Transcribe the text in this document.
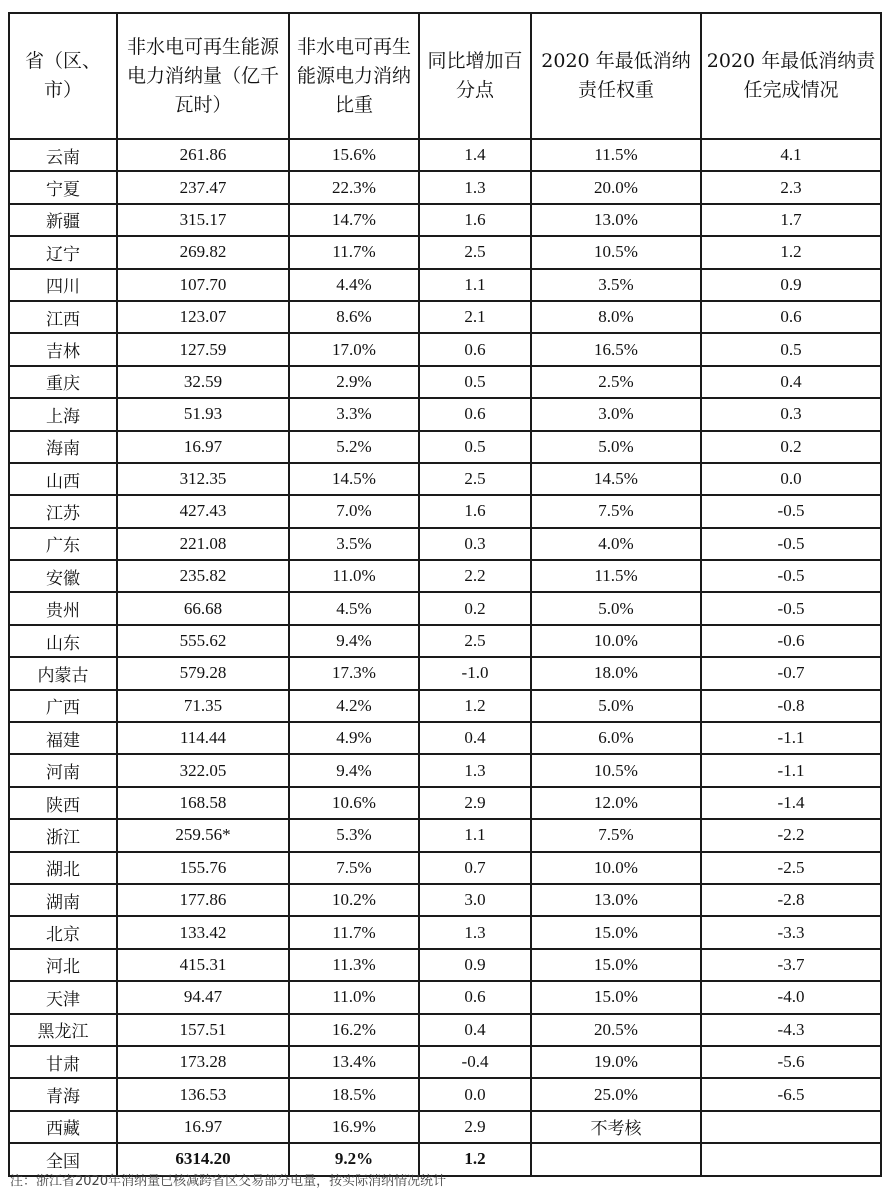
省（区、市）	非水电可再生能源电力消纳量（亿千瓦时）	非水电可再生能源电力消纳比重	同比增加百分点	2020 年最低消纳责任权重	2020 年最低消纳责任完成情况
云南	261.86	15.6%	1.4	11.5%	4.1
宁夏	237.47	22.3%	1.3	20.0%	2.3
新疆	315.17	14.7%	1.6	13.0%	1.7
辽宁	269.82	11.7%	2.5	10.5%	1.2
四川	107.70	4.4%	1.1	3.5%	0.9
江西	123.07	8.6%	2.1	8.0%	0.6
吉林	127.59	17.0%	0.6	16.5%	0.5
重庆	32.59	2.9%	0.5	2.5%	0.4
上海	51.93	3.3%	0.6	3.0%	0.3
海南	16.97	5.2%	0.5	5.0%	0.2
山西	312.35	14.5%	2.5	14.5%	0.0
江苏	427.43	7.0%	1.6	7.5%	-0.5
广东	221.08	3.5%	0.3	4.0%	-0.5
安徽	235.82	11.0%	2.2	11.5%	-0.5
贵州	66.68	4.5%	0.2	5.0%	-0.5
山东	555.62	9.4%	2.5	10.0%	-0.6
内蒙古	579.28	17.3%	-1.0	18.0%	-0.7
广西	71.35	4.2%	1.2	5.0%	-0.8
福建	114.44	4.9%	0.4	6.0%	-1.1
河南	322.05	9.4%	1.3	10.5%	-1.1
陕西	168.58	10.6%	2.9	12.0%	-1.4
浙江	259.56*	5.3%	1.1	7.5%	-2.2
湖北	155.76	7.5%	0.7	10.0%	-2.5
湖南	177.86	10.2%	3.0	13.0%	-2.8
北京	133.42	11.7%	1.3	15.0%	-3.3
河北	415.31	11.3%	0.9	15.0%	-3.7
天津	94.47	11.0%	0.6	15.0%	-4.0
黑龙江	157.51	16.2%	0.4	20.5%	-4.3
甘肃	173.28	13.4%	-0.4	19.0%	-5.6
青海	136.53	18.5%	0.0	25.0%	-6.5
西藏	16.97	16.9%	2.9	不考核	
全国	6314.20	9.2%	1.2		
注：浙江省2020年消纳量已核减跨省区交易部分电量，按实际消纳情况统计
